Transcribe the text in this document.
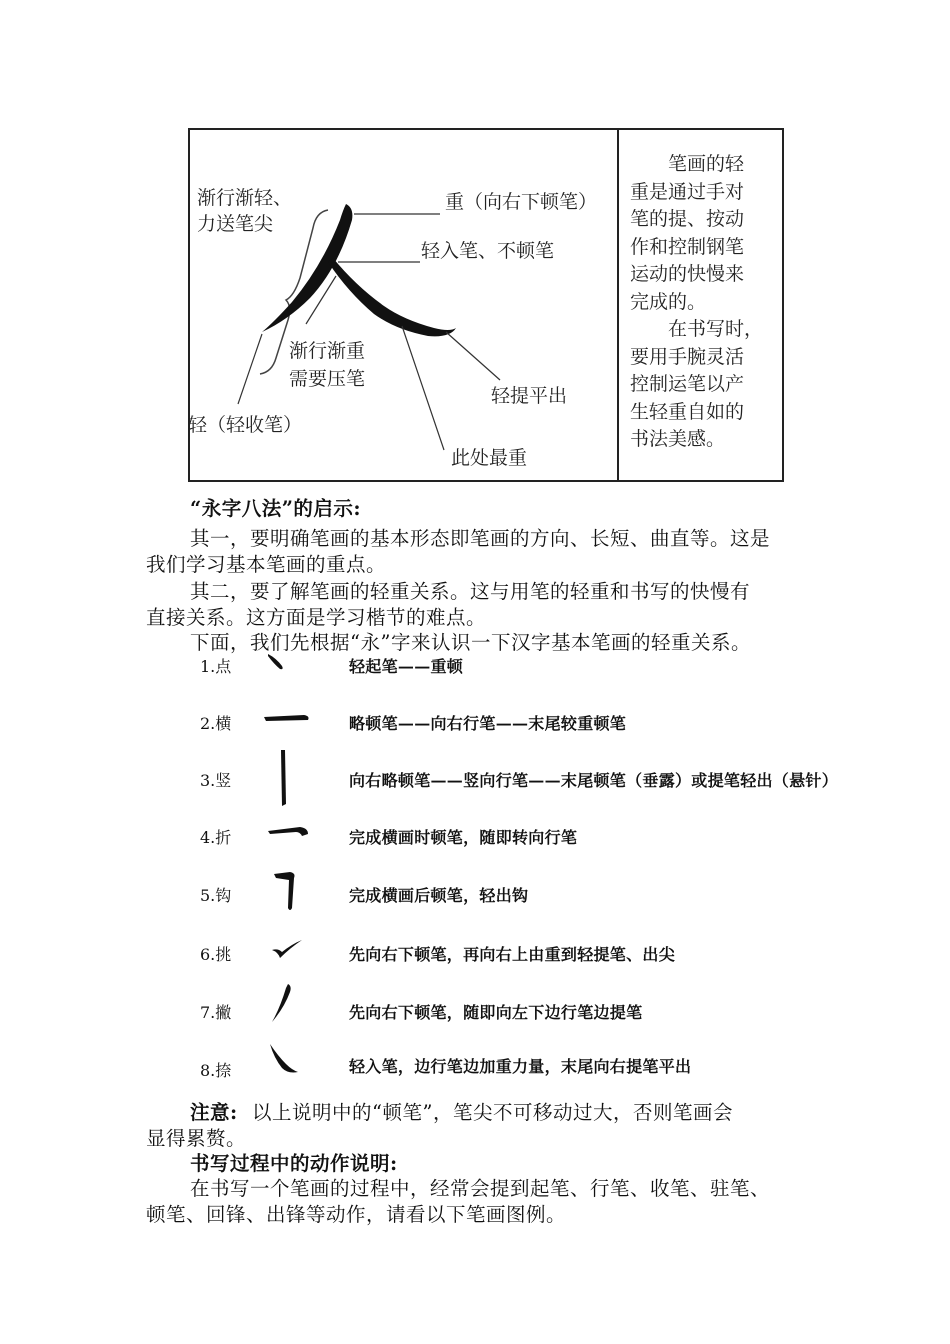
渐行渐轻、
力送笔尖
重（向右下顿笔）
轻入笔、不顿笔
渐行渐重
需要压笔
轻提平出
轻（轻收笔）
此处最重
　　笔画的轻
重是通过手对
笔的提、按动
作和控制钢笔
运动的快慢来
完成的。
　　在书写时，
要用手腕灵活
控制运笔以产
生轻重自如的
书法美感。
“永字八法”的启示:
其一，要明确笔画的基本形态即笔画的方向、长短、曲直等。这是
我们学习基本笔画的重点。
其二，要了解笔画的轻重关系。这与用笔的轻重和书写的快慢有
直接关系。这方面是学习楷节的难点。
下面，我们先根据“永”字来认识一下汉字基本笔画的轻重关系。
1.点	轻起笔——重顿
2.横	略顿笔——向右行笔——末尾较重顿笔
3.竖	向右略顿笔——竖向行笔——末尾顿笔（垂露）或提笔轻出（悬针）
4.折	完成横画时顿笔，随即转向行笔
5.钩	完成横画后顿笔，轻出钩
6.挑	先向右下顿笔，再向右上由重到轻提笔、出尖
7.撇	先向右下顿笔，随即向左下边行笔边提笔
8.捺	轻入笔，边行笔边加重力量，末尾向右提笔平出
注意: 以上说明中的“顿笔”，笔尖不可移动过大，否则笔画会
显得累赘。
书写过程中的动作说明:
在书写一个笔画的过程中，经常会提到起笔、行笔、收笔、驻笔、
顿笔、回锋、出锋等动作，请看以下笔画图例。
